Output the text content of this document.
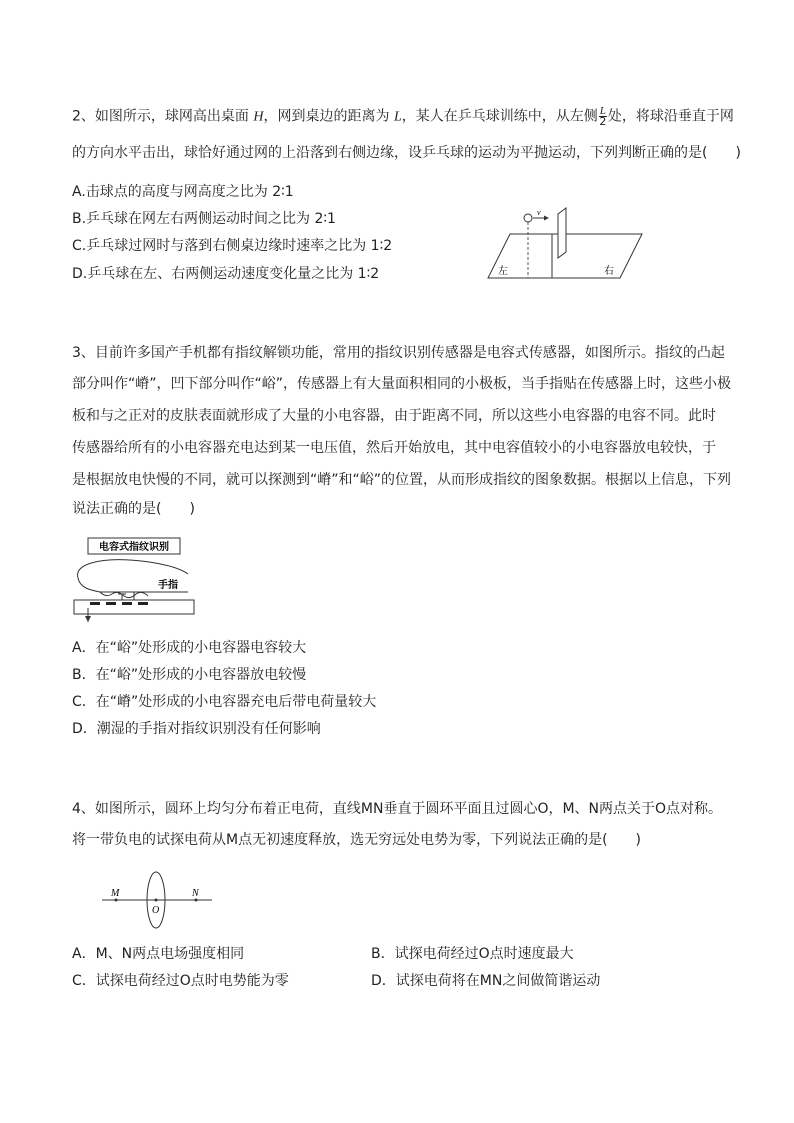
2、如图所示，球网高出桌面 H，网到桌边的距离为 L，某人在乒乓球训练中，从左侧 $\frac{L}{2}$ 处，将球沿垂直于网
的方向水平击出，球恰好通过网的上沿落到右侧边缘，设乒乓球的运动为平抛运动，下列判断正确的是(　　)
A.击球点的高度与网高度之比为 2∶1
B.乒乓球在网左右两侧运动时间之比为 2∶1
C.乒乓球过网时与落到右侧桌边缘时速率之比为 1∶2
D.乒乓球在左、右两侧运动速度变化量之比为 1∶2
v
左	右
3、目前许多国产手机都有指纹解锁功能，常用的指纹识别传感器是电容式传感器，如图所示。指纹的凸起
部分叫作“嵴”，凹下部分叫作“峪”，传感器上有大量面积相同的小极板，当手指贴在传感器上时，这些小极
板和与之正对的皮肤表面就形成了大量的小电容器，由于距离不同，所以这些小电容器的电容不同。此时
传感器给所有的小电容器充电达到某一电压值，然后开始放电，其中电容值较小的小电容器放电较快，于
是根据放电快慢的不同，就可以探测到“嵴”和“峪”的位置，从而形成指纹的图象数据。根据以上信息，下列
说法正确的是(　　)
电容式指纹识别
手指
A．在“峪”处形成的小电容器电容较大
B．在“峪”处形成的小电容器放电较慢
C．在“嵴”处形成的小电容器充电后带电荷量较大
D．潮湿的手指对指纹识别没有任何影响
4、如图所示，圆环上均匀分布着正电荷，直线MN垂直于圆环平面且过圆心O，M、N两点关于O点对称。
将一带负电的试探电荷从M点无初速度释放，选无穷远处电势为零，下列说法正确的是(　　)
M	N
O
A．M、N两点电场强度相同	B．试探电荷经过O点时速度最大
C．试探电荷经过O点时电势能为零	D．试探电荷将在MN之间做简谐运动
